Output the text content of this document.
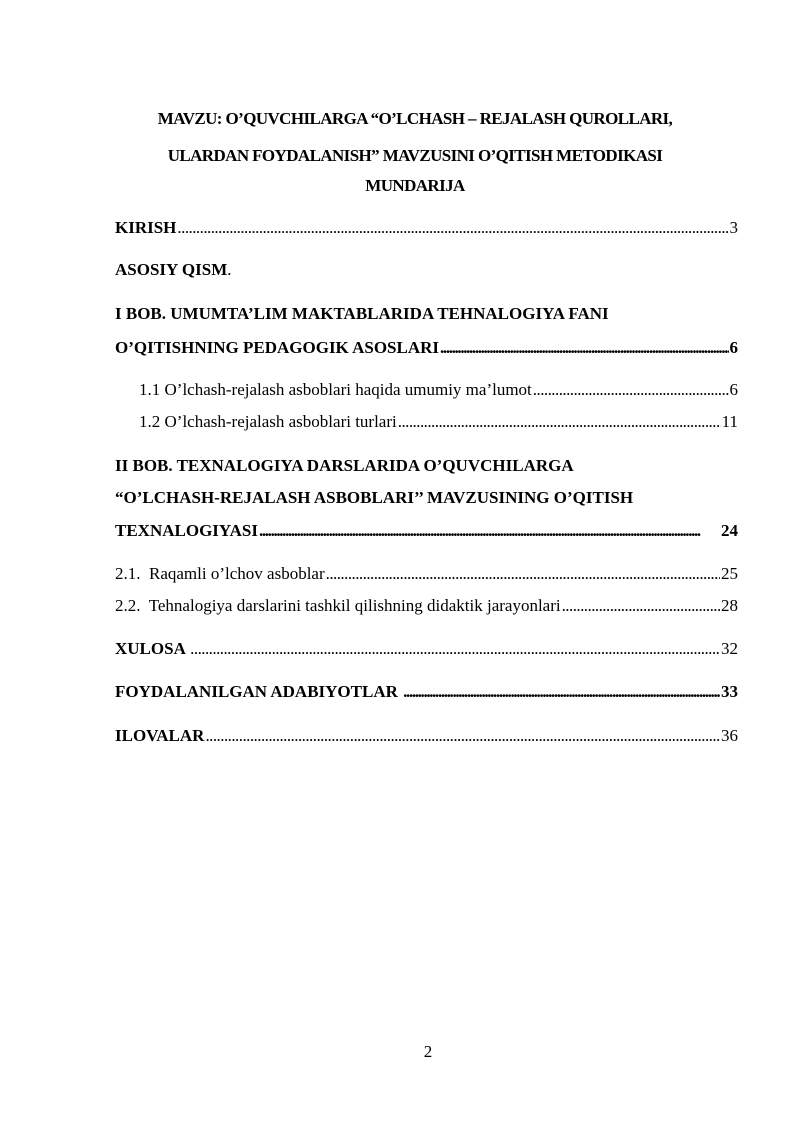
MAVZU: O’QUVCHILARGA “O’LCHASH – REJALASH QUROLLARI,
ULARDAN FOYDALANISH” MAVZUSINI O’QITISH METODIKASI
MUNDARIJA
KIRISH . . .	3
ASOSIY QISM .
I BOB. UMUMTA’LIM MAKTABLARIDA TEHNALOGIYA FANI
O’QITISHNING PEDAGOGIK ASOSLARI . . .	6
1.1 O’lchash-rejalash asboblari haqida umumiy ma’lumot . . .	6
1.2 O’lchash-rejalash asboblari turlari . . .	11
II BOB. TEXNALOGIYA DARSLARIDA O’QUVCHILARGA
“O’LCHASH-REJALASH ASBOBLARI’’ MAVZUSINING O’QITISH
TEXNALOGIYASI . . .	24
2.1.  Raqamli o’lchov asboblar . . .	25
2.2.  Tehnalogiya darslarini tashkil qilishning didaktik jarayonlari . . .	28
XULOSA . . .	32
FOYDALANILGAN ADABIYOTLAR . . .	33
ILOVALAR . . .	36
2
